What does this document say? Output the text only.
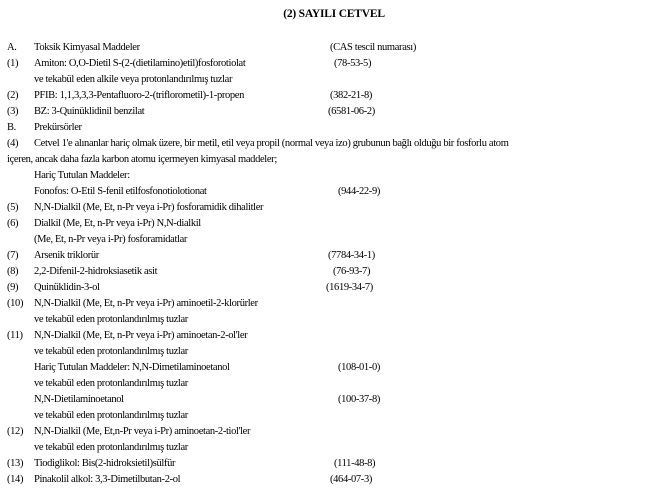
(2) SAYILI CETVEL
A. Toksik Kimyasal Maddeler	(CAS tescil numarası)
(1) Amiton: O,O-Dietil S-(2-(dietilamino)etil)fosforotiolat	(78-53-5)
ve tekabül eden alkile veya protonlandırılmış tuzlar
(2) PFIB: 1,1,3,3,3-Pentafluoro-2-(triflorometil)-1-propen	(382-21-8)
(3) BZ: 3-Quinüklidinil benzilat	(6581-06-2)
B. Prekürsörler
(4) Cetvel 1'e alınanlar hariç olmak üzere, bir metil, etil veya propil (normal veya izo) grubunun bağlı olduğu bir fosforlu atom
içeren, ancak daha fazla karbon atomu içermeyen kimyasal maddeler;
Hariç Tutulan Maddeler:
Fonofos: O-Etil S-fenil etilfosfonotiolotionat	(944-22-9)
(5) N,N-Dialkil (Me, Et, n-Pr veya i-Pr) fosforamidik dihalitler
(6) Dialkil (Me, Et, n-Pr veya i-Pr) N,N-dialkil
(Me, Et, n-Pr veya i-Pr) fosforamidatlar
(7) Arsenik triklorür	(7784-34-1)
(8) 2,2-Difenil-2-hidroksiasetik asit	(76-93-7)
(9) Quinüklidin-3-ol	(1619-34-7)
(10) N,N-Dialkil (Me, Et, n-Pr veya i-Pr) aminoetil-2-klorürler
ve tekabül eden protonlandırılmış tuzlar
(11) N,N-Dialkil (Me, Et, n-Pr veya i-Pr) aminoetan-2-ol'ler
ve tekabül eden protonlandırılmış tuzlar
Hariç Tutulan Maddeler: N,N-Dimetilaminoetanol	(108-01-0)
ve tekabül eden protonlandırılmış tuzlar
N,N-Dietilaminoetanol	(100-37-8)
ve tekabül eden protonlandırılmış tuzlar
(12) N,N-Dialkil (Me, Et,n-Pr veya i-Pr) aminoetan-2-tiol'ler
ve tekabül eden protonlandırılmış tuzlar
(13) Tiodiglikol: Bis(2-hidroksietil)sülfür	(111-48-8)
(14) Pinakolil alkol: 3,3-Dimetilbutan-2-ol	(464-07-3)
